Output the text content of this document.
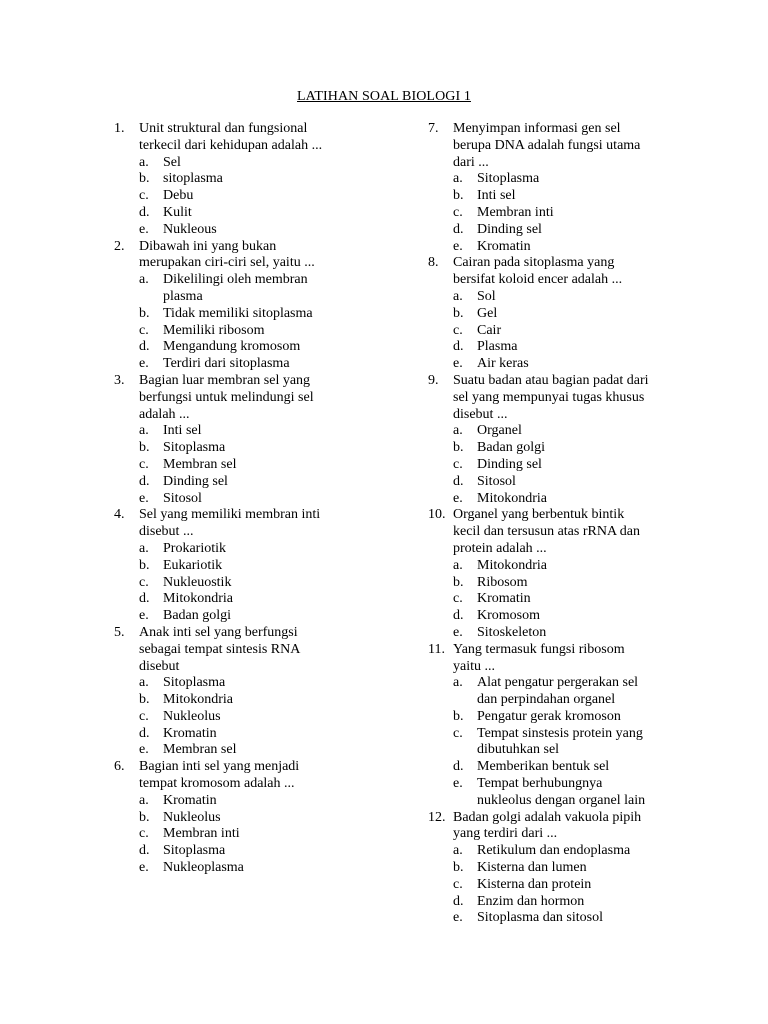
LATIHAN SOAL BIOLOGI 1
1. Unit struktural dan fungsional
terkecil dari kehidupan adalah ...
a. Sel
b. sitoplasma
c. Debu
d. Kulit
e. Nukleous
2. Dibawah ini yang bukan
merupakan ciri-ciri sel, yaitu ...
a. Dikelilingi oleh membran
plasma
b. Tidak memiliki sitoplasma
c. Memiliki ribosom
d. Mengandung kromosom
e. Terdiri dari sitoplasma
3. Bagian luar membran sel yang
berfungsi untuk melindungi sel
adalah ...
a. Inti sel
b. Sitoplasma
c. Membran sel
d. Dinding sel
e. Sitosol
4. Sel yang memiliki membran inti
disebut ...
a. Prokariotik
b. Eukariotik
c. Nukleuostik
d. Mitokondria
e. Badan golgi
5. Anak inti sel yang berfungsi
sebagai tempat sintesis RNA
disebut
a. Sitoplasma
b. Mitokondria
c. Nukleolus
d. Kromatin
e. Membran sel
6. Bagian inti sel yang menjadi
tempat kromosom adalah ...
a. Kromatin
b. Nukleolus
c. Membran inti
d. Sitoplasma
e. Nukleoplasma
7. Menyimpan informasi gen sel
berupa DNA adalah fungsi utama
dari ...
a. Sitoplasma
b. Inti sel
c. Membran inti
d. Dinding sel
e. Kromatin
8. Cairan pada sitoplasma yang
bersifat koloid encer adalah ...
a. Sol
b. Gel
c. Cair
d. Plasma
e. Air keras
9. Suatu badan atau bagian padat dari
sel yang mempunyai tugas khusus
disebut ...
a. Organel
b. Badan golgi
c. Dinding sel
d. Sitosol
e. Mitokondria
10. Organel yang berbentuk bintik
kecil dan tersusun atas rRNA dan
protein adalah ...
a. Mitokondria
b. Ribosom
c. Kromatin
d. Kromosom
e. Sitoskeleton
11. Yang termasuk fungsi ribosom
yaitu ...
a. Alat pengatur pergerakan sel
dan perpindahan organel
b. Pengatur gerak kromoson
c. Tempat sinstesis protein yang
dibutuhkan sel
d. Memberikan bentuk sel
e. Tempat berhubungnya
nukleolus dengan organel lain
12. Badan golgi adalah vakuola pipih
yang terdiri dari ...
a. Retikulum dan endoplasma
b. Kisterna dan lumen
c. Kisterna dan protein
d. Enzim dan hormon
e. Sitoplasma dan sitosol
